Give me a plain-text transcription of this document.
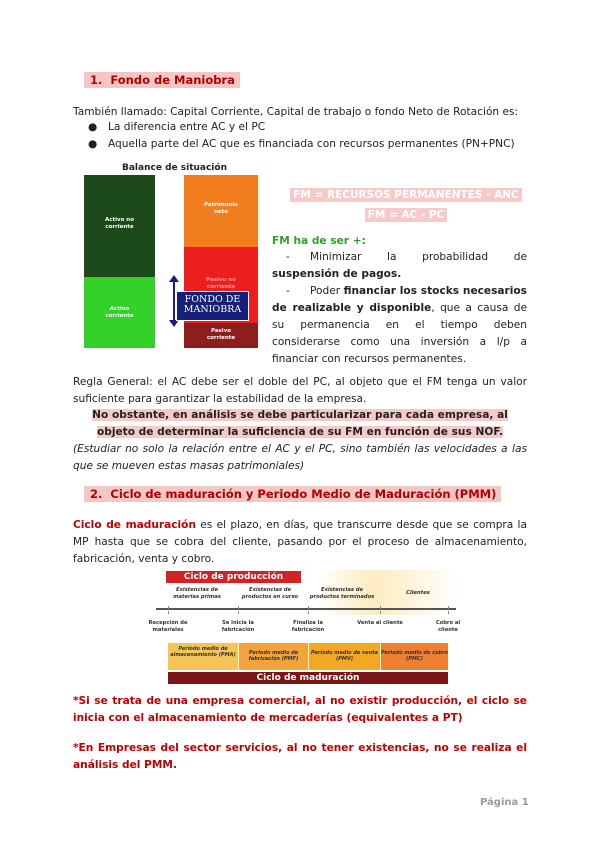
1. Fondo de Maniobra
También llamado: Capital Corriente, Capital de trabajo o fondo Neto de Rotación es:
● La diferencia entre AC y el PC
● Aquella parte del AC que es financiada con recursos permanentes (PN+PNC)
Balance de situación
Activo no corriente
Activo corriente
Patrimonio neto
Pasivo no corriente
Pasivo corriente
FONDO DE
MANIOBRA
FM = RECURSOS PERMANENTES - ANC
FM = AC - PC
FM ha de ser +:
- Minimizar la probabilidad de suspensión de pagos.
- Poder financiar los stocks necesarios de realizable y disponible, que a causa de su permanencia en el tiempo deben considerarse como una inversión a l/p a financiar con recursos permanentes.
Regla General: el AC debe ser el doble del PC, al objeto que el FM tenga un valor suficiente para garantizar la estabilidad de la empresa.
No obstante, en análisis se debe particularizar para cada empresa, al objeto de determinar la suficiencia de su FM en función de sus NOF.
(Estudiar no solo la relación entre el AC y el PC, sino también las velocidades a las que se mueven estas masas patrimoniales)
2. Ciclo de maduración y Periodo Medio de Maduración (PMM)
Ciclo de maduración es el plazo, en días, que transcurre desde que se compra la MP hasta que se cobra del cliente, pasando por el proceso de almacenamiento, fabricación, venta y cobro.
Ciclo de producción
Existencias de materias primas
Existencias de productos en curso
Existencias de productos terminados
Clientes
Recepción de materiales
Se inicia la fabricación
Finaliza la fabricación
Venta al cliente	Cobro al cliente
Periodo medio de almacenamiento (PMA)	Periodo medio de fabricación (PMF)
Periodo medio de venta (PMV)
Periodo medio de cobro (PMC)
Ciclo de maduración
*Si se trata de una empresa comercial, al no existir producción, el ciclo se inicia con el almacenamiento de mercaderías (equivalentes a PT)
*En Empresas del sector servicios, al no tener existencias, no se realiza el análisis del PMM.
Página 1
